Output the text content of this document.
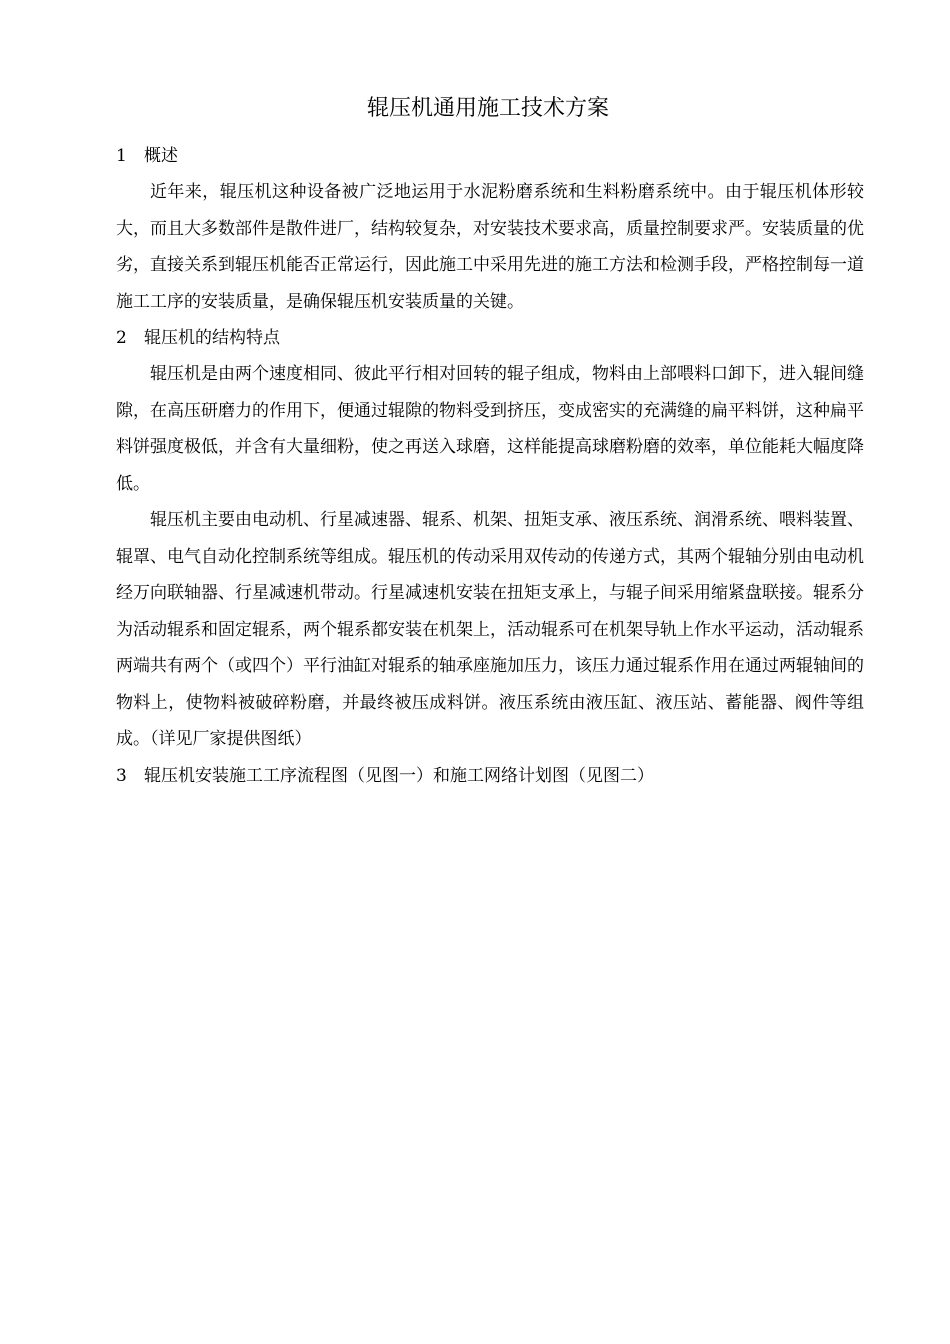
辊压机通用施工技术方案
1 概述

近年来，辊压机这种设备被广泛地运用于水泥粉磨系统和生料粉磨系统中。由于辊压机体形较大，而且大多数部件是散件进厂，结构较复杂，对安装技术要求高，质量控制要求严。安装质量的优劣，直接关系到辊压机能否正常运行，因此施工中采用先进的施工方法和检测手段，严格控制每一道施工工序的安装质量，是确保辊压机安装质量的关键。

2 辊压机的结构特点

辊压机是由两个速度相同、彼此平行相对回转的辊子组成，物料由上部喂料口卸下，进入辊间缝隙，在高压研磨力的作用下，便通过辊隙的物料受到挤压，变成密实的充满缝的扁平料饼，这种扁平料饼强度极低，并含有大量细粉，使之再送入球磨，这样能提高球磨粉磨的效率，单位能耗大幅度降低。

辊压机主要由电动机、行星减速器、辊系、机架、扭矩支承、液压系统、润滑系统、喂料装置、辊罩、电气自动化控制系统等组成。辊压机的传动采用双传动的传递方式，其两个辊轴分别由电动机经万向联轴器、行星减速机带动。行星减速机安装在扭矩支承上，与辊子间采用缩紧盘联接。辊系分为活动辊系和固定辊系，两个辊系都安装在机架上，活动辊系可在机架导轨上作水平运动，活动辊系两端共有两个（或四个）平行油缸对辊系的轴承座施加压力，该压力通过辊系作用在通过两辊轴间的物料上，使物料被破碎粉磨，并最终被压成料饼。液压系统由液压缸、液压站、蓄能器、阀件等组成。（详见厂家提供图纸）

3 辊压机安装施工工序流程图（见图一）和施工网络计划图（见图二）
